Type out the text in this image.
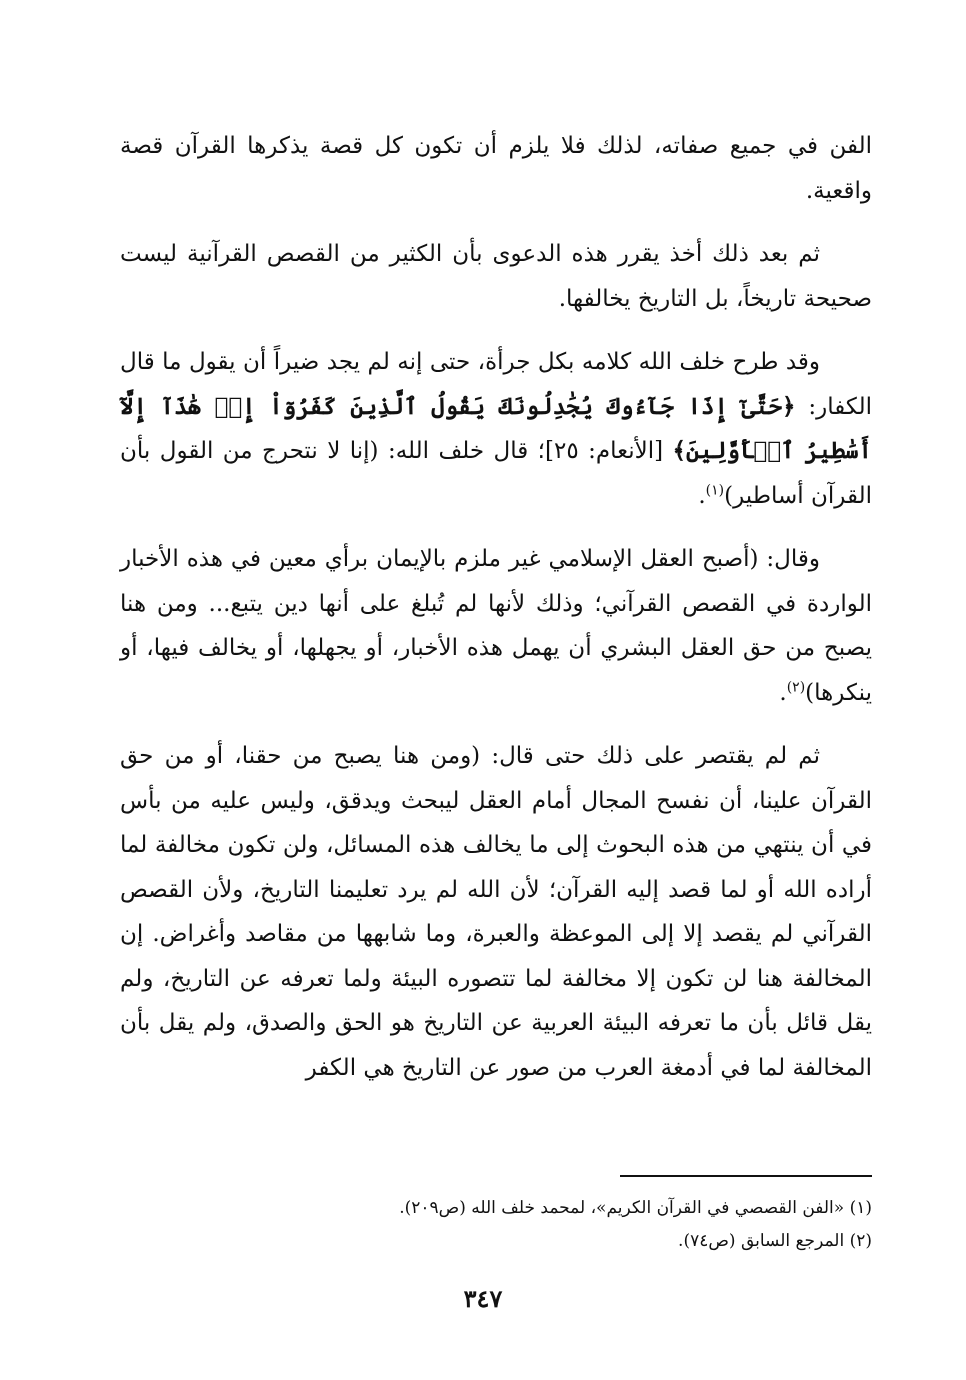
الفن في جميع صفاته، لذلك فلا يلزم أن تكون كل قصة يذكرها القرآن قصة واقعية.

ثم بعد ذلك أخذ يقرر هذه الدعوى بأن الكثير من القصص القرآنية ليست صحيحة تاريخاً، بل التاريخ يخالفها.

وقد طرح خلف الله كلامه بكل جرأة، حتى إنه لم يجد ضيراً أن يقول ما قال الكفار: ﴿حَتَّىٰٓ إِذَا جَآءُوكَ يُجَٰدِلُونَكَ يَقُولُ ٱلَّذِينَ كَفَرُوٓاْ إِنۡ هَٰذَآ إِلَّآ أَسَٰطِيرُ ٱلۡأَوَّلِينَ﴾ [الأنعام: ٢٥]؛ قال خلف الله: (إنا لا نتحرج من القول بأن القرآن أساطير)$^{(١)}$.

وقال: (أصبح العقل الإسلامي غير ملزم بالإيمان برأي معين في هذه الأخبار الواردة في القصص القرآني؛ وذلك لأنها لم تُبلغ على أنها دين يتبع... ومن هنا يصبح من حق العقل البشري أن يهمل هذه الأخبار، أو يجهلها، أو يخالف فيها، أو ينكرها)$^{(٢)}$.

ثم لم يقتصر على ذلك حتى قال: (ومن هنا يصبح من حقنا، أو من حق القرآن علينا، أن نفسح المجال أمام العقل ليبحث ويدقق، وليس عليه من بأس في أن ينتهي من هذه البحوث إلى ما يخالف هذه المسائل، ولن تكون مخالفة لما أراده الله أو لما قصد إليه القرآن؛ لأن الله لم يرد تعليمنا التاريخ، ولأن القصص القرآني لم يقصد إلا إلى الموعظة والعبرة، وما شابهها من مقاصد وأغراض. إن المخالفة هنا لن تكون إلا مخالفة لما تتصوره البيئة ولما تعرفه عن التاريخ، ولم يقل قائل بأن ما تعرفه البيئة العربية عن التاريخ هو الحق والصدق، ولم يقل بأن المخالفة لما في أدمغة العرب من صور عن التاريخ هي الكفر

(١) «الفن القصصي في القرآن الكريم»، لمحمد خلف الله (ص٢٠٩).

(٢) المرجع السابق (ص٧٤).

٣٤٧
